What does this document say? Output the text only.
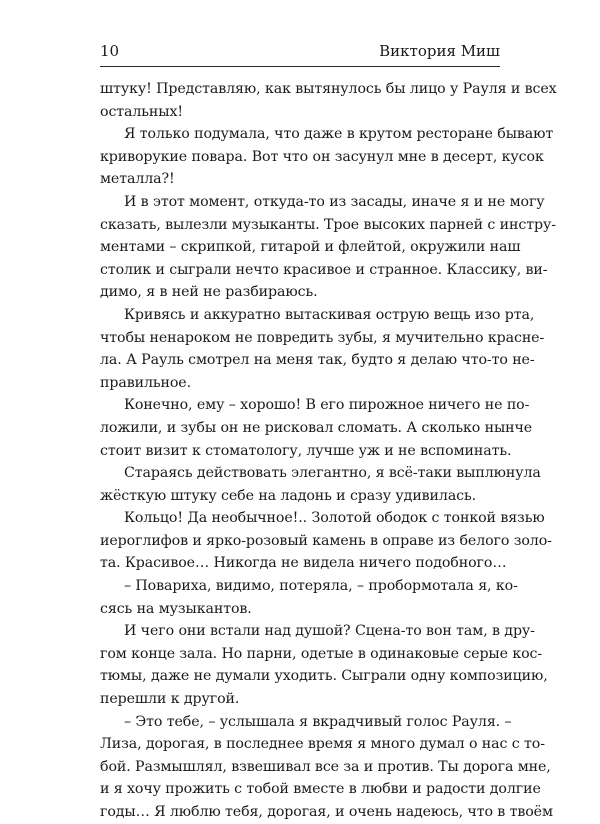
10	Виктория Миш
штуку! Представляю, как вытянулось бы лицо у Рауля и всех
остальных!
Я только подумала, что даже в крутом ресторане бывают
криворукие повара. Вот что он засунул мне в десерт, кусок
металла?!
И в этот момент, откуда-то из засады, иначе я и не могу
сказать, вылезли музыканты. Трое высоких парней с инстру-
ментами – скрипкой, гитарой и флейтой, окружили наш
столик и сыграли нечто красивое и странное. Классику, ви-
димо, я в ней не разбираюсь.
Кривясь и аккуратно вытаскивая острую вещь изо рта,
чтобы ненароком не повредить зубы, я мучительно красне-
ла. А Рауль смотрел на меня так, будто я делаю что-то не-
правильное.
Конечно, ему – хорошо! В его пирожное ничего не по-
ложили, и зубы он не рисковал сломать. А сколько нынче
стоит визит к стоматологу, лучше уж и не вспоминать.
Стараясь действовать элегантно, я всё-таки выплюнула
жёсткую штуку себе на ладонь и сразу удивилась.
Кольцо! Да необычное!.. Золотой ободок с тонкой вязью
иероглифов и ярко-розовый камень в оправе из белого золо-
та. Красивое… Никогда не видела ничего подобного…
– Повариха, видимо, потеряла, – пробормотала я, ко-
сясь на музыкантов.
И чего они встали над душой? Сцена-то вон там, в дру-
гом конце зала. Но парни, одетые в одинаковые серые кос-
тюмы, даже не думали уходить. Сыграли одну композицию,
перешли к другой.
– Это тебе, – услышала я вкрадчивый голос Рауля. –
Лиза, дорогая, в последнее время я много думал о нас с то-
бой. Размышлял, взвешивал все за и против. Ты дорога мне,
и я хочу прожить с тобой вместе в любви и радости долгие
годы… Я люблю тебя, дорогая, и очень надеюсь, что в твоём
